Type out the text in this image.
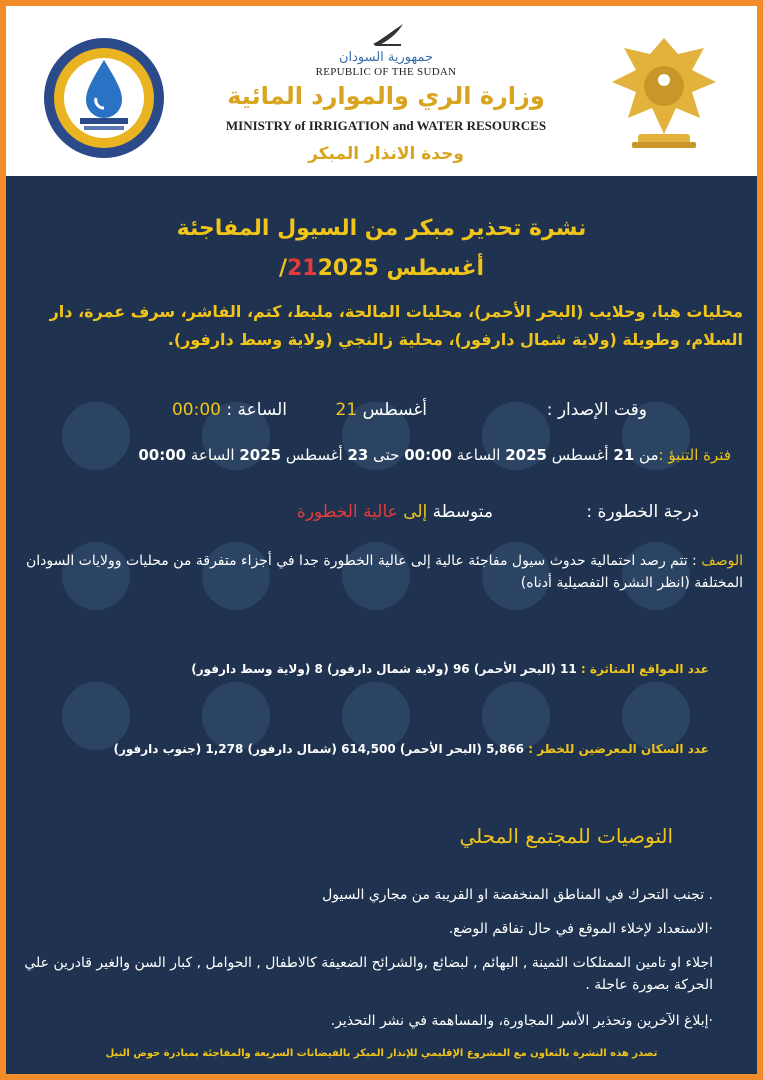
جمهورية السودان
REPUBLIC OF THE SUDAN
وزارة الري والموارد المائية
MINISTRY of IRRIGATION and WATER RESOURCES
وحدة الانذار المبكر
نشرة تحذير مبكر من السيول المفاجئة
أغسطس 212025/
محليات هيا، وحلايب (البحر الأحمر)، محليات المالحة، مليط، كتم، الفاشر، سرف عمرة، دار السلام، وطويلة (ولاية شمال دارفور)، محلية زالنجي (ولاية وسط دارفور).
وقت الإصدار :
أغسطس 21
الساعة : 00:00
فترة التنبؤ :من 21 أغسطس 2025 الساعة 00:00 حتى 23 أغسطس 2025 الساعة 00:00
درجة الخطورة :
متوسطة إلى عالية الخطورة
الوصف : تتم رصد احتمالية حدوث سيول مفاجئة عالية إلى عالية الخطورة جدا في أجزاء متفرقة من محليات وولايات السودان المختلفة (انظر النشرة التفصيلية أدناه)
عدد المواقع المتاثرة : 11 (البحر الأحمر) 96 (ولاية شمال دارفور) 8 (ولاية وسط دارفور)
عدد السكان المعرضين للخطر : 5,866 (البحر الأحمر) 614,500 (شمال دارفور) 1,278 (جنوب دارفور)
التوصيات للمجتمع المحلي
. تجنب التحرك في المناطق المنخفضة او القريبة من مجاري السيول
·الاستعداد لإخلاء الموقع في حال تفاقم الوضع.
اجلاء او تامين الممتلكات الثمينة , البهائم , لبضائع ,والشرائح الضعيفة كالاطفال , الحوامل , كبار السن والغير قادرين علي الحركة بصورة عاجلة .
·إبلاغ الآخرين وتحذير الأسر المجاورة، والمساهمة في نشر التحذير.
تصدر هذه النشرة بالتعاون مع المشروع الإقليمي للإنذار المبكر بالفيضانات السريعة والمفاجئة بمبادرة حوض النيل
